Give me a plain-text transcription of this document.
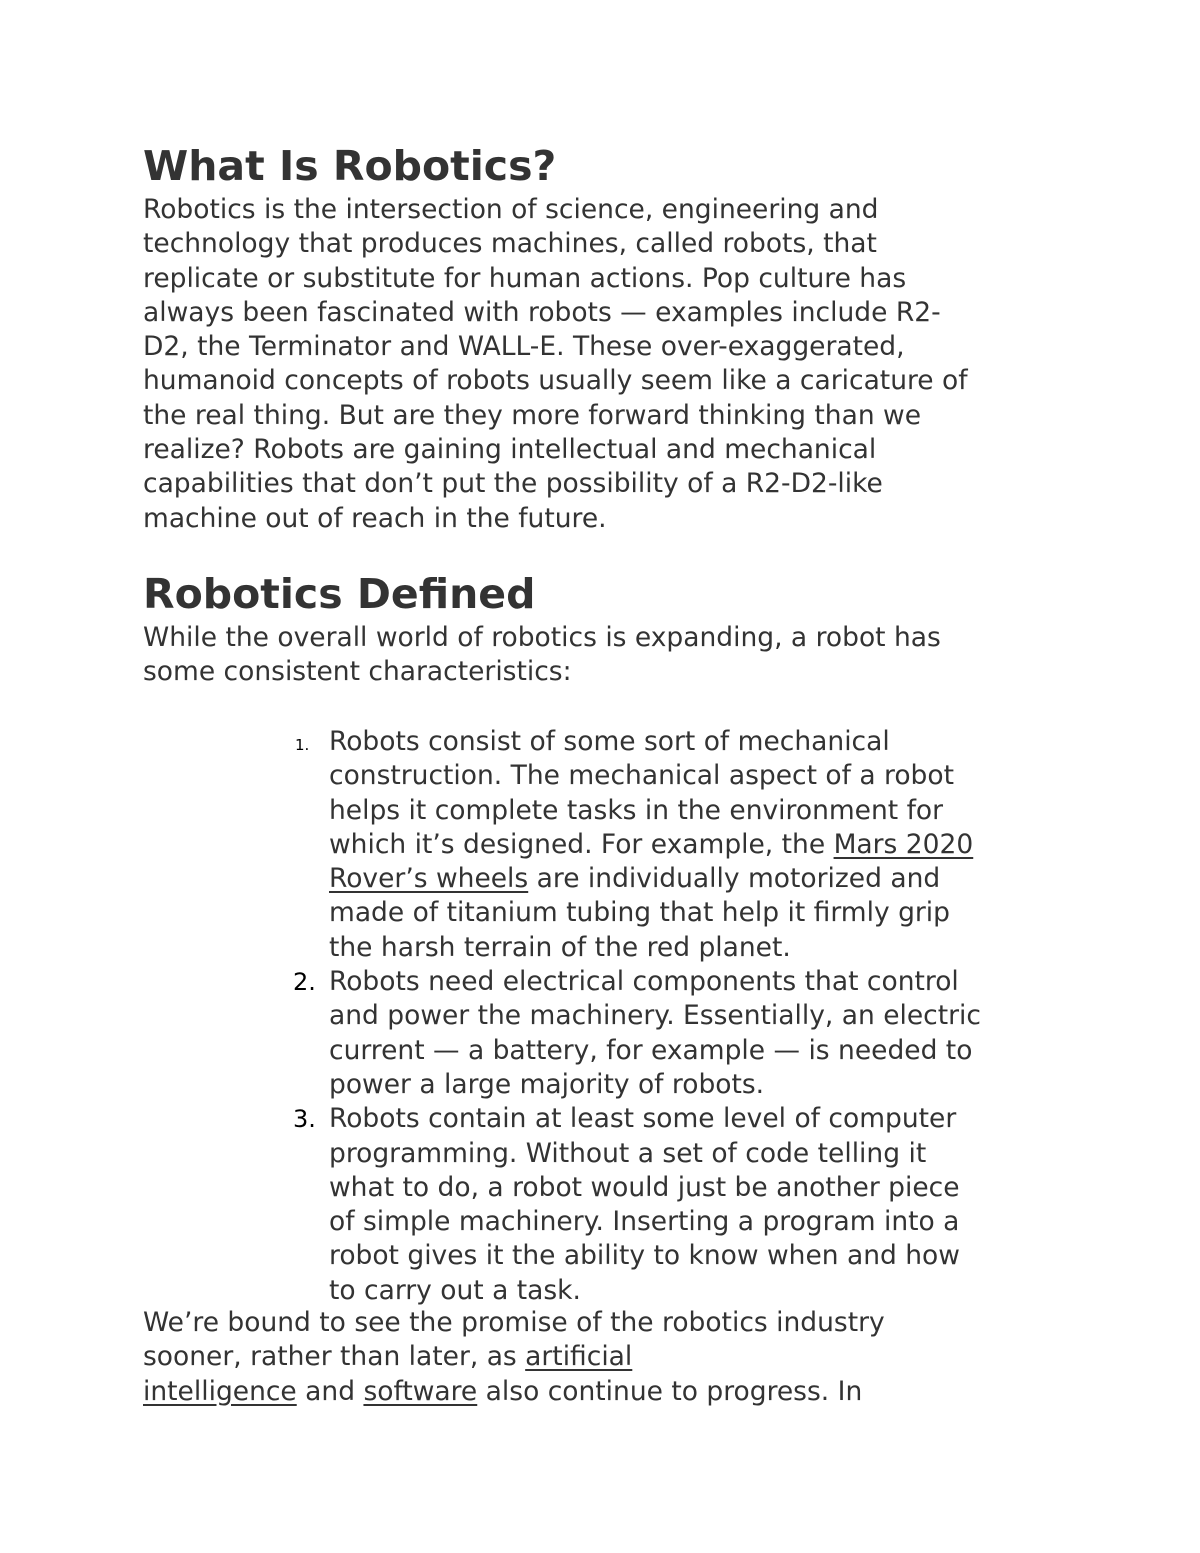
What Is Robotics?

Robotics is the intersection of science, engineering and
technology that produces machines, called robots, that
replicate or substitute for human actions. Pop culture has
always been fascinated with robots — examples include R2-
D2, the Terminator and WALL-E. These over-exaggerated,
humanoid concepts of robots usually seem like a caricature of
the real thing. But are they more forward thinking than we
realize? Robots are gaining intellectual and mechanical
capabilities that don’t put the possibility of a R2-D2-like
machine out of reach in the future.

Robotics Defined

While the overall world of robotics is expanding, a robot has
some consistent characteristics:

1. Robots consist of some sort of mechanical
construction. The mechanical aspect of a robot
helps it complete tasks in the environment for
which it’s designed. For example, the Mars 2020
Rover’s wheels are individually motorized and
made of titanium tubing that help it firmly grip
the harsh terrain of the red planet.
2. Robots need electrical components that control
and power the machinery. Essentially, an electric
current — a battery, for example — is needed to
power a large majority of robots.
3. Robots contain at least some level of computer
programming. Without a set of code telling it
what to do, a robot would just be another piece
of simple machinery. Inserting a program into a
robot gives it the ability to know when and how
to carry out a task.

We’re bound to see the promise of the robotics industry
sooner, rather than later, as artificial
intelligence and software also continue to progress. In
